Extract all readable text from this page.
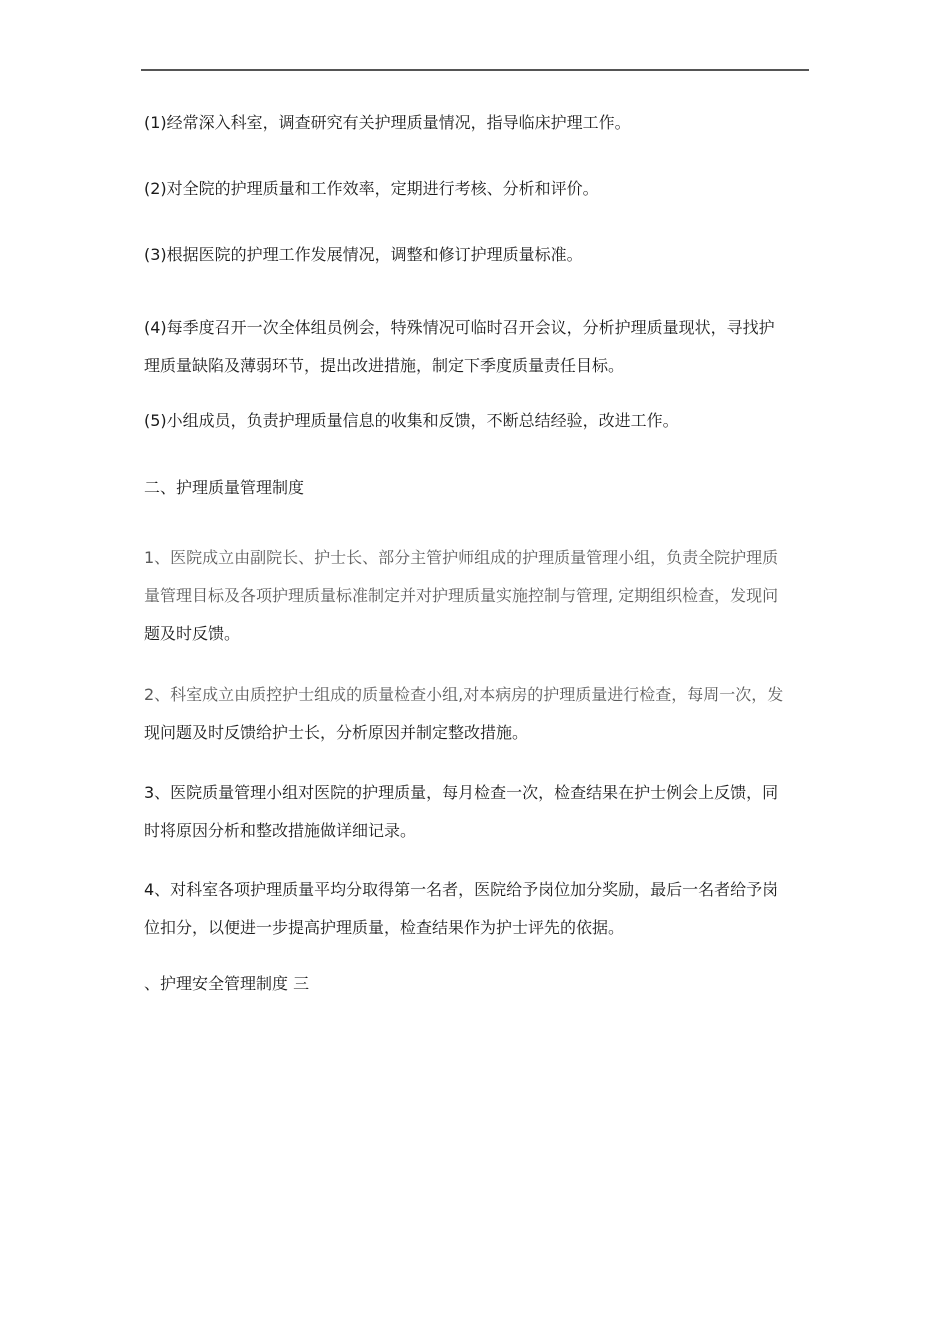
(1)经常深入科室，调查研究有关护理质量情况，指导临床护理工作。

(2)对全院的护理质量和工作效率，定期进行考核、分析和评价。

(3)根据医院的护理工作发展情况，调整和修订护理质量标准。

(4)每季度召开一次全体组员例会，特殊情况可临时召开会议，分析护理质量现状，寻找护
理质量缺陷及薄弱环节，提出改进措施，制定下季度质量责任目标。

(5)小组成员，负责护理质量信息的收集和反馈，不断总结经验，改进工作。

二、护理质量管理制度

1、医院成立由副院长、护士长、部分主管护师组成的护理质量管理小组，负责全院护理质
量管理目标及各项护理质量标准制定并对护理质量实施控制与管理, 定期组织检查，发现问
题及时反馈。

2、科室成立由质控护士组成的质量检查小组,对本病房的护理质量进行检查，每周一次，发
现问题及时反馈给护士长，分析原因并制定整改措施。

3、医院质量管理小组对医院的护理质量，每月检查一次，检查结果在护士例会上反馈，同
时将原因分析和整改措施做详细记录。

4、对科室各项护理质量平均分取得第一名者，医院给予岗位加分奖励，最后一名者给予岗
位扣分，以便进一步提高护理质量，检查结果作为护士评先的依据。

、护理安全管理制度 三
